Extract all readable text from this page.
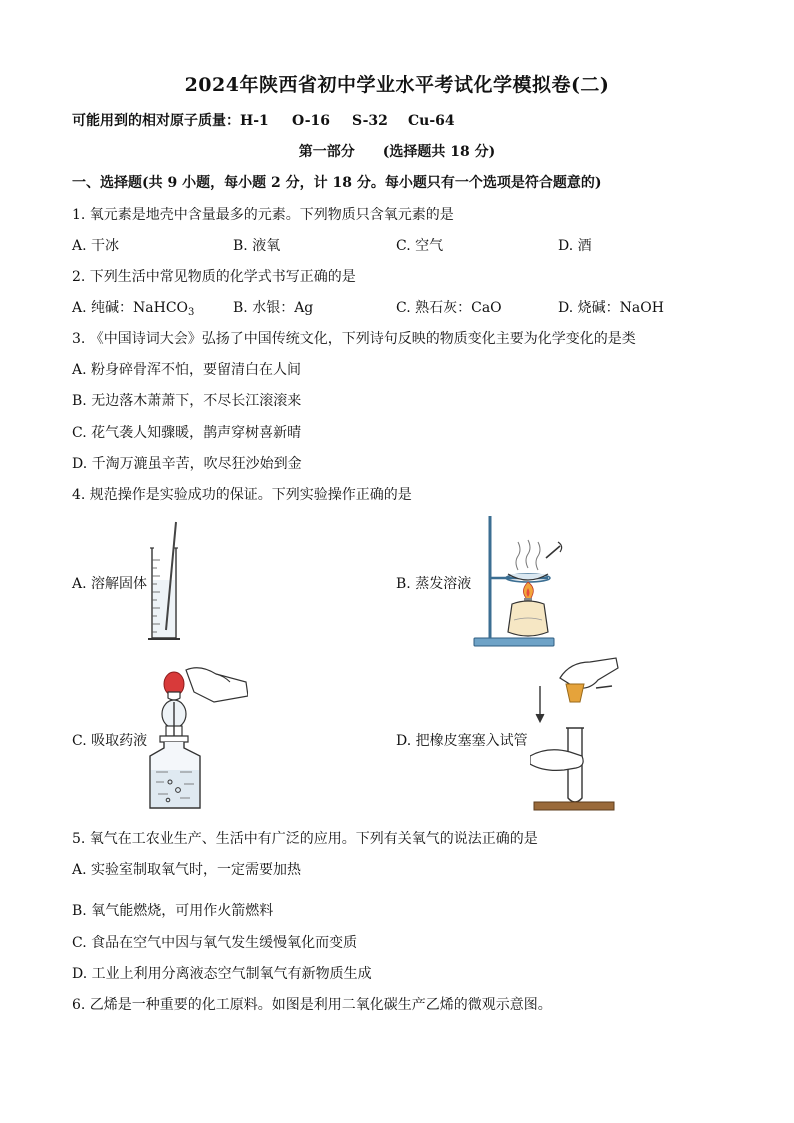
2024年陕西省初中学业水平考试化学模拟卷(二)
可能用到的相对原子质量：H-1 O-16 S-32 Cu-64
第一部分 (选择题共 18 分)
一、选择题(共 9 小题，每小题 2 分，计 18 分。每小题只有一个选项是符合题意的)
1. 氧元素是地壳中含量最多的元素。下列物质只含氧元素的是
A. 干冰	B. 液氧	C. 空气	D. 酒
2. 下列生活中常见物质的化学式书写正确的是
A. 纯碱：NaHCO$_3$	B. 水银：Ag	C. 熟石灰：CaO	D. 烧碱：NaOH
3. 《中国诗词大会》弘扬了中国传统文化，下列诗句反映的物质变化主要为化学变化的是类
A. 粉身碎骨浑不怕，要留清白在人间
B. 无边落木萧萧下，不尽长江滚滚来
C. 花气袭人知骤暖，鹊声穿树喜新晴
D. 千淘万漉虽辛苦，吹尽狂沙始到金
4. 规范操作是实验成功的保证。下列实验操作正确的是
A. 溶解固体	B. 蒸发溶液
C. 吸取药液	D. 把橡皮塞塞入试管
5. 氧气在工农业生产、生活中有广泛的应用。下列有关氧气的说法正确的是
A. 实验室制取氧气时，一定需要加热
B. 氧气能燃烧，可用作火箭燃料
C. 食品在空气中因与氧气发生缓慢氧化而变质
D. 工业上利用分离液态空气制氧气有新物质生成
6. 乙烯是一种重要的化工原料。如图是利用二氧化碳生产乙烯的微观示意图。
